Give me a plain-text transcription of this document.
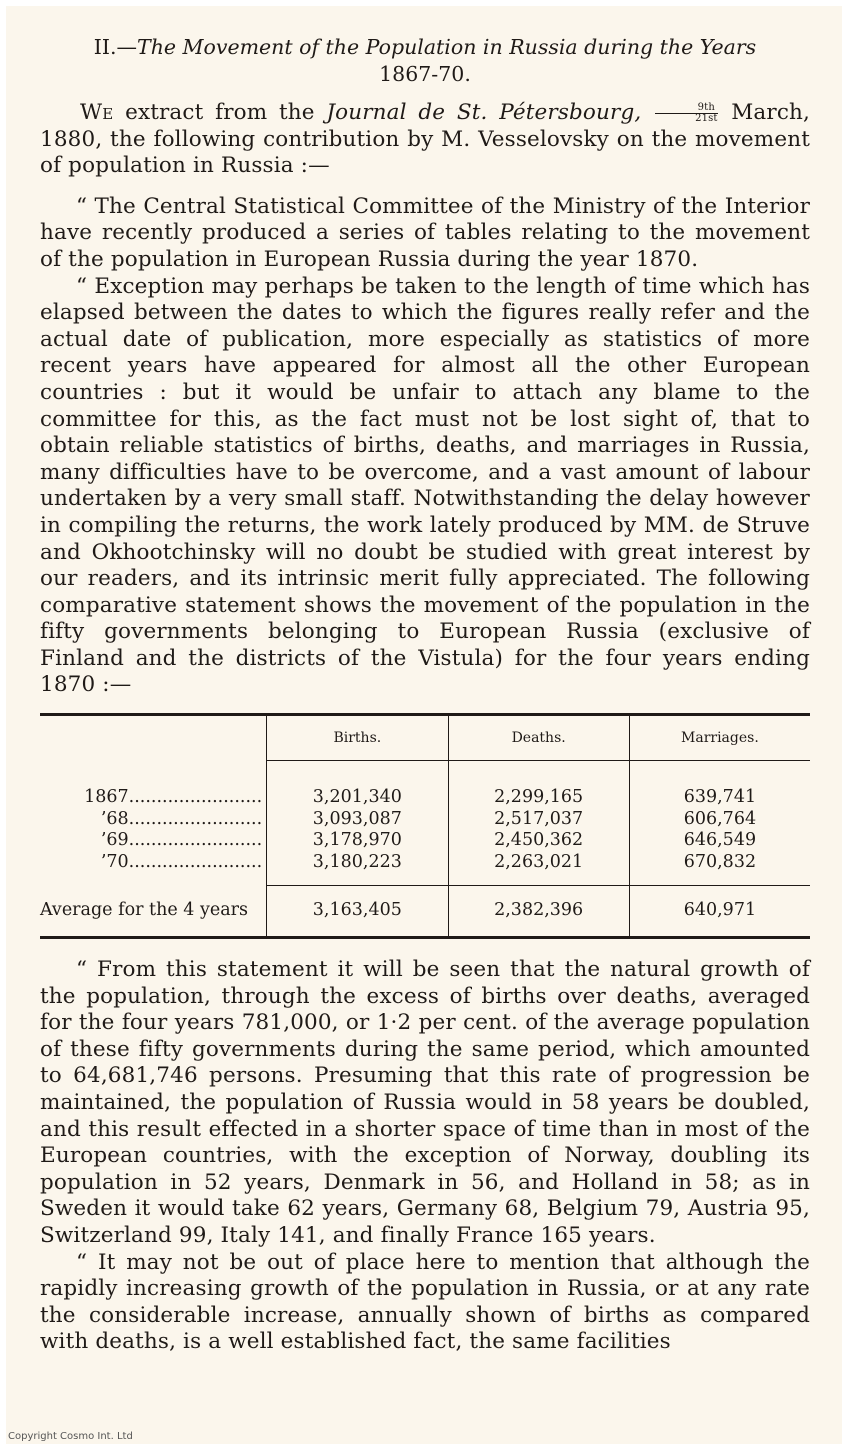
II.—The Movement of the Population in Russia during the Years
1867-70.

We extract from the Journal de St. Pétersbourg, $\frac{9th}{21st}$ March, 1880, the following contribution by M. Vesselovsky on the movement of population in Russia :—

“ The Central Statistical Committee of the Ministry of the Interior have recently produced a series of tables relating to the movement of the population in European Russia during the year 1870.

“ Exception may perhaps be taken to the length of time which has elapsed between the dates to which the figures really refer and the actual date of publication, more especially as statistics of more recent years have appeared for almost all the other European countries : but it would be unfair to attach any blame to the committee for this, as the fact must not be lost sight of, that to obtain reliable statistics of births, deaths, and marriages in Russia, many difficulties have to be overcome, and a vast amount of labour undertaken by a very small staff. Notwithstanding the delay however in compiling the returns, the work lately produced by MM. de Struve and Okhootchinsky will no doubt be studied with great interest by our readers, and its intrinsic merit fully appreciated. The following comparative statement shows the movement of the population in the fifty governments belonging to European Russia (exclusive of Finland and the districts of the Vistula) for the four years ending 1870 :—

	Births.	Deaths.	Marriages.
1867........................	3,201,340	2,299,165	639,741
’68........................	3,093,087	2,517,037	606,764
’69........................	3,178,970	2,450,362	646,549
’70........................	3,180,223	2,263,021	670,832
Average for the 4 years	3,163,405	2,382,396	640,971

“ From this statement it will be seen that the natural growth of the population, through the excess of births over deaths, averaged for the four years 781,000, or 1·2 per cent. of the average population of these fifty governments during the same period, which amounted to 64,681,746 persons. Presuming that this rate of progression be maintained, the population of Russia would in 58 years be doubled, and this result effected in a shorter space of time than in most of the European countries, with the exception of Norway, doubling its population in 52 years, Denmark in 56, and Holland in 58; as in Sweden it would take 62 years, Germany 68, Belgium 79, Austria 95, Switzerland 99, Italy 141, and finally France 165 years.

“ It may not be out of place here to mention that although the rapidly increasing growth of the population in Russia, or at any rate the considerable increase, annually shown of births as compared with deaths, is a well established fact, the same facilities

Copyright Cosmo Int. Ltd
